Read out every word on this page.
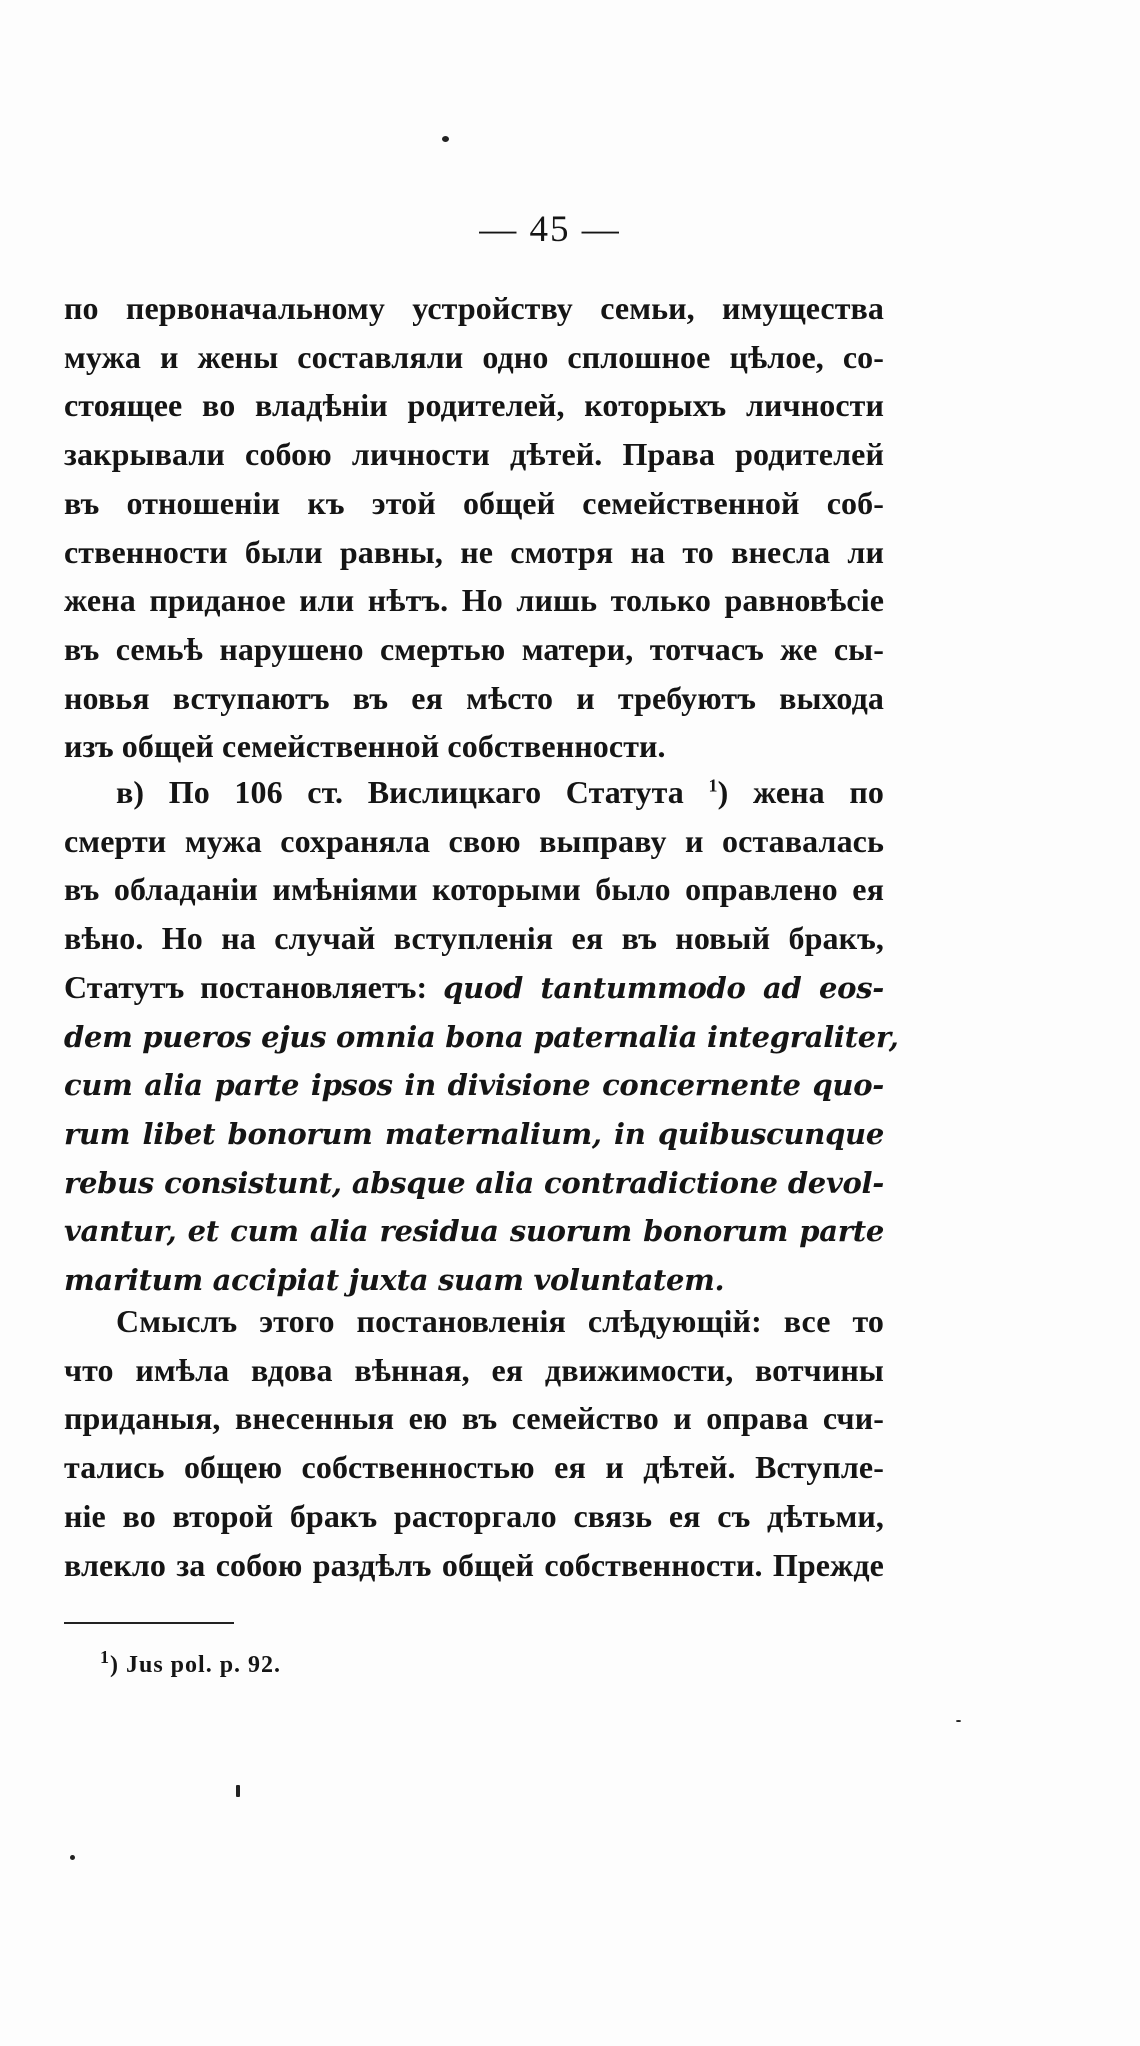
— 45 —
по первоначальному устройству семьи, имущества
мужа и жены составляли одно сплошное цѣлое, со-
стоящее во владѣніи родителей, которыхъ личности
закрывали собою личности дѣтей. Права родителей
въ отношеніи къ этой общей семейственной соб-
ственности были равны, не смотря на то внесла ли
жена приданое или нѣтъ. Но лишь только равновѣсіе
въ семьѣ нарушено смертью матери, тотчасъ же сы-
новья вступаютъ въ ея мѣсто и требуютъ выхода
изъ общей семейственной собственности.
в) По 106 ст. Вислицкаго Статута $^1$) жена по
смерти мужа сохраняла свою выправу и оставалась
въ обладаніи имѣніями которыми было оправлено ея
вѣно. Но на случай вступленія ея въ новый бракъ,
Статутъ постановляетъ: quod tantummodo ad eos-
dem pueros ejus omnia bona paternalia integraliter,
cum alia parte ipsos in divisione concernente quo-
rum libet bonorum maternalium, in quibuscunque
rebus consistunt, absque alia contradictione devol-
vantur, et cum alia residua suorum bonorum parte
maritum accipiat juxta suam voluntatem.
Смыслъ этого постановленія слѣдующій: все то
что имѣла вдова вѣнная, ея движимости, вотчины
приданыя, внесенныя ею въ семейство и оправа счи-
тались общею собственностью ея и дѣтей. Вступле-
ніе во второй бракъ расторгало связь ея съ дѣтьми,
влекло за собою раздѣлъ общей собственности. Прежде
$^1$) Jus pol. p. 92.
